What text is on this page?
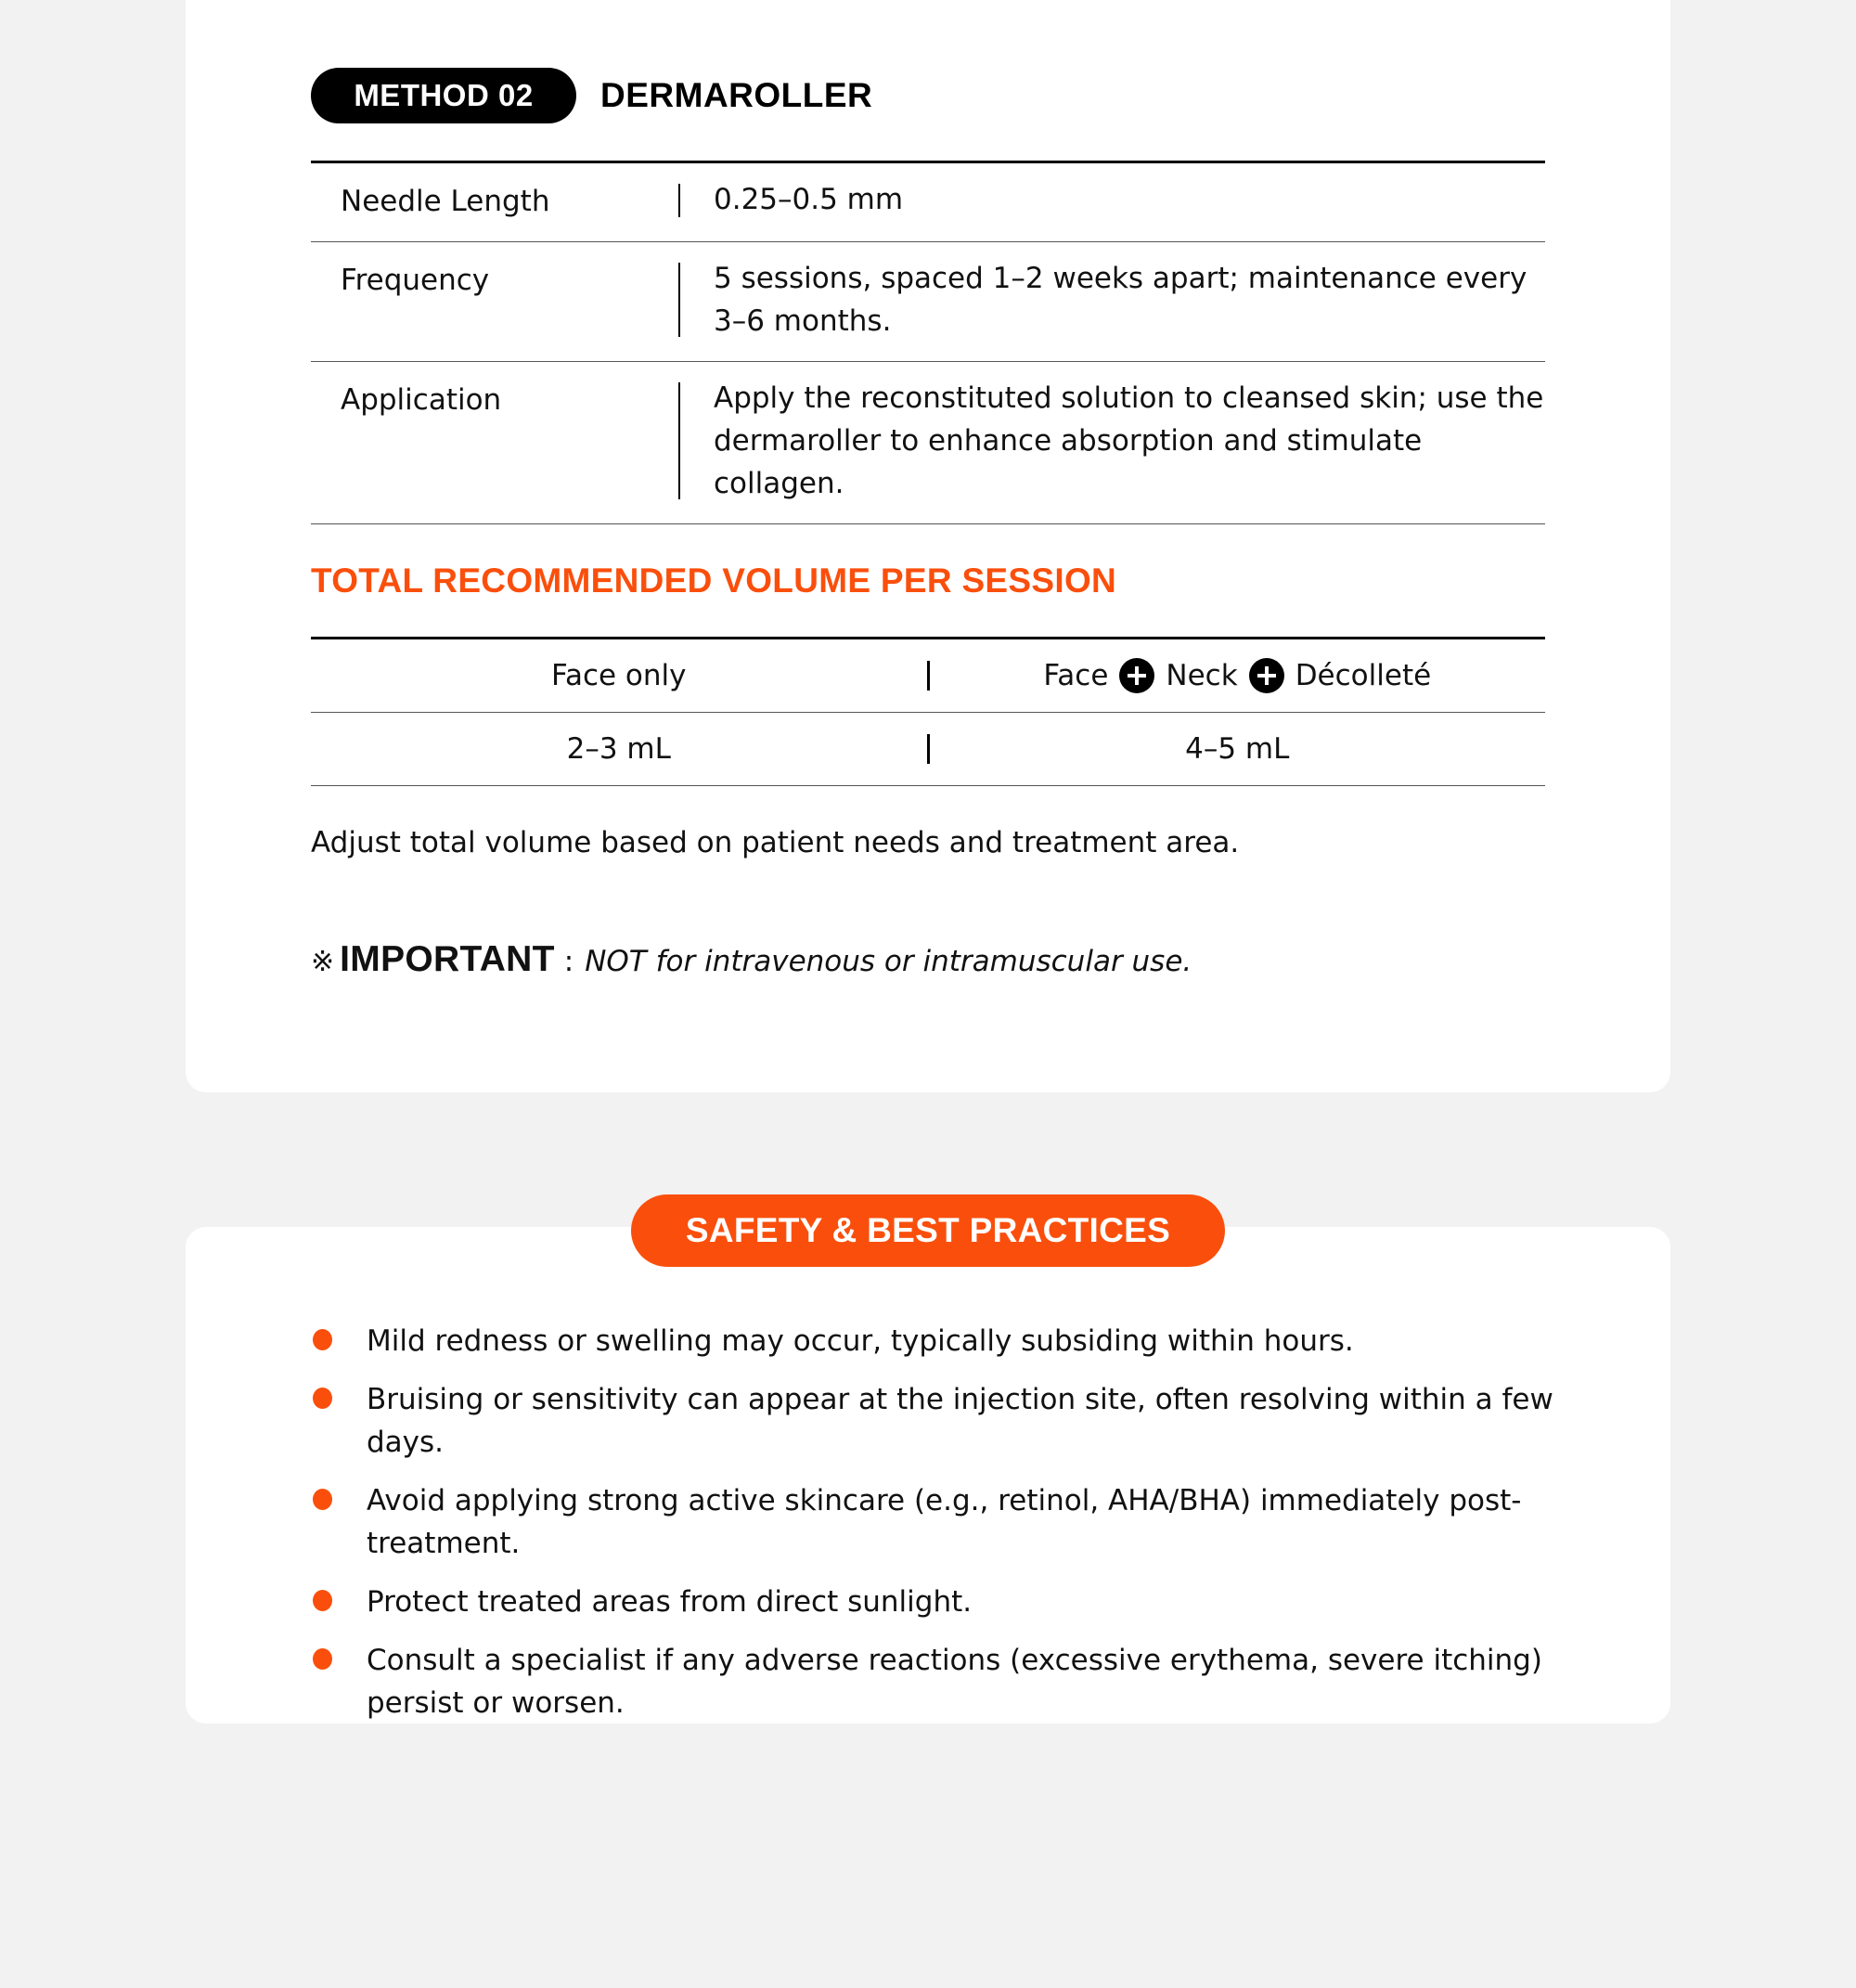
METHOD 02	DERMAROLLER
Needle Length	0.25–0.5 mm
Frequency	5 sessions, spaced 1–2 weeks apart; maintenance every 3–6 months.
Application	Apply the reconstituted solution to cleansed skin; use the dermaroller to enhance absorption and stimulate collagen.
TOTAL RECOMMENDED VOLUME PER SESSION
Face only	Face Neck Décolleté
2–3 mL	4–5 mL
Adjust total volume based on patient needs and treatment area.
※ IMPORTANT : NOT for intravenous or intramuscular use.
Mild redness or swelling may occur, typically subsiding within hours.
Bruising or sensitivity can appear at the injection site, often resolving within a few days.
Avoid applying strong active skincare (e.g., retinol, AHA/BHA) immediately post-treatment.
Protect treated areas from direct sunlight.
Consult a specialist if any adverse reactions (excessive erythema, severe itching) persist or worsen.
SAFETY & BEST PRACTICES
